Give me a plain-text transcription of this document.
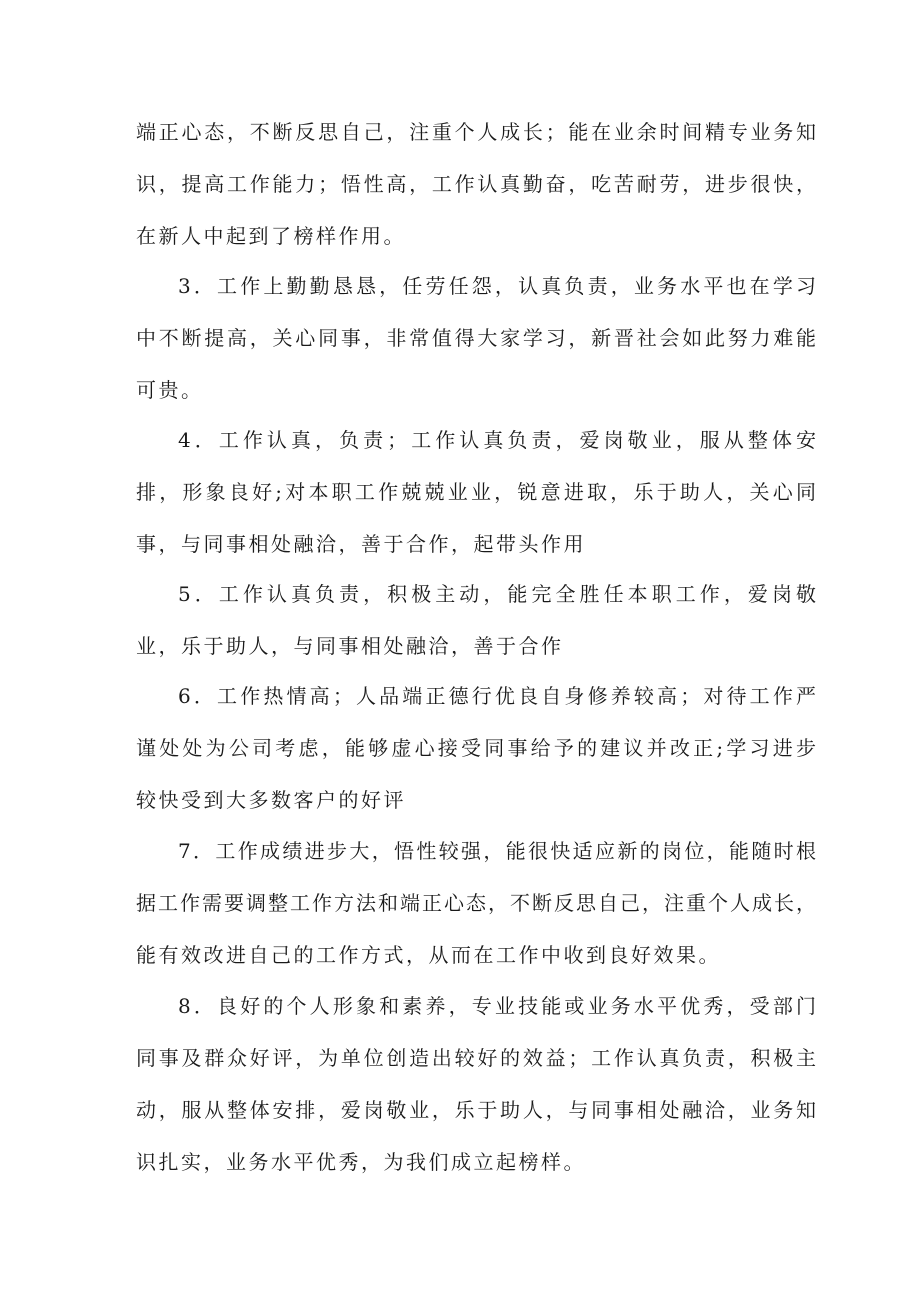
端正心态，不断反思自己，注重个人成长；能在业余时间精专业务知
识，提高工作能力；悟性高，工作认真勤奋，吃苦耐劳，进步很快，
在新人中起到了榜样作用。

3．工作上勤勤恳恳，任劳任怨，认真负责，业务水平也在学习
中不断提高，关心同事，非常值得大家学习，新晋社会如此努力难能
可贵。

4．工作认真，负责；工作认真负责，爱岗敬业，服从整体安
排，形象良好;对本职工作兢兢业业，锐意进取，乐于助人，关心同
事，与同事相处融洽，善于合作，起带头作用

5．工作认真负责，积极主动，能完全胜任本职工作，爱岗敬
业，乐于助人，与同事相处融洽，善于合作

6．工作热情高；人品端正德行优良自身修养较高；对待工作严
谨处处为公司考虑，能够虚心接受同事给予的建议并改正;学习进步
较快受到大多数客户的好评

7．工作成绩进步大，悟性较强，能很快适应新的岗位，能随时根
据工作需要调整工作方法和端正心态，不断反思自己，注重个人成长，
能有效改进自己的工作方式，从而在工作中收到良好效果。

8．良好的个人形象和素养，专业技能或业务水平优秀，受部门
同事及群众好评，为单位创造出较好的效益；工作认真负责，积极主
动，服从整体安排，爱岗敬业，乐于助人，与同事相处融洽，业务知
识扎实，业务水平优秀，为我们成立起榜样。
